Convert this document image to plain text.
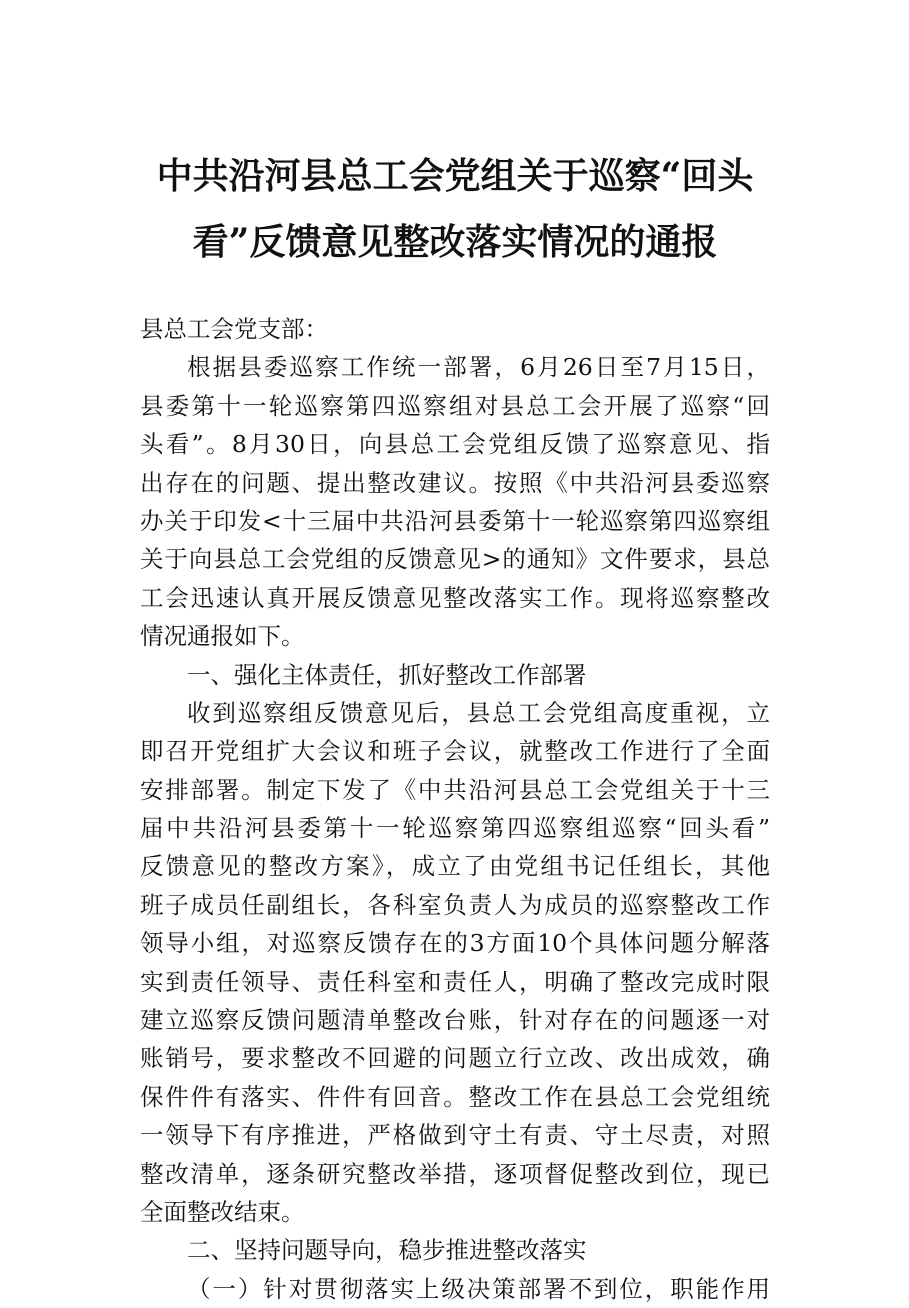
中共沿河县总工会党组关于巡察“回头
看”反馈意见整改落实情况的通报
县总工会党支部：
根据县委巡察工作统一部署，6月26日至7月15日，
县委第十一轮巡察第四巡察组对县总工会开展了巡察“回
头看”。8月30日，向县总工会党组反馈了巡察意见、指
出存在的问题、提出整改建议。按照《中共沿河县委巡察
办关于印发<十三届中共沿河县委第十一轮巡察第四巡察组
关于向县总工会党组的反馈意见>的通知》文件要求，县总
工会迅速认真开展反馈意见整改落实工作。现将巡察整改
情况通报如下。
一、强化主体责任，抓好整改工作部署
收到巡察组反馈意见后，县总工会党组高度重视，立
即召开党组扩大会议和班子会议，就整改工作进行了全面
安排部署。制定下发了《中共沿河县总工会党组关于十三
届中共沿河县委第十一轮巡察第四巡察组巡察“回头看”
反馈意见的整改方案》，成立了由党组书记任组长，其他
班子成员任副组长，各科室负责人为成员的巡察整改工作
领导小组，对巡察反馈存在的3方面10个具体问题分解落
实到责任领导、责任科室和责任人，明确了整改完成时限
建立巡察反馈问题清单整改台账，针对存在的问题逐一对
账销号，要求整改不回避的问题立行立改、改出成效，确
保件件有落实、件件有回音。整改工作在县总工会党组统
一领导下有序推进，严格做到守土有责、守土尽责，对照
整改清单，逐条研究整改举措，逐项督促整改到位，现已
全面整改结束。
二、坚持问题导向，稳步推进整改落实
（一）针对贯彻落实上级决策部署不到位，职能作用
